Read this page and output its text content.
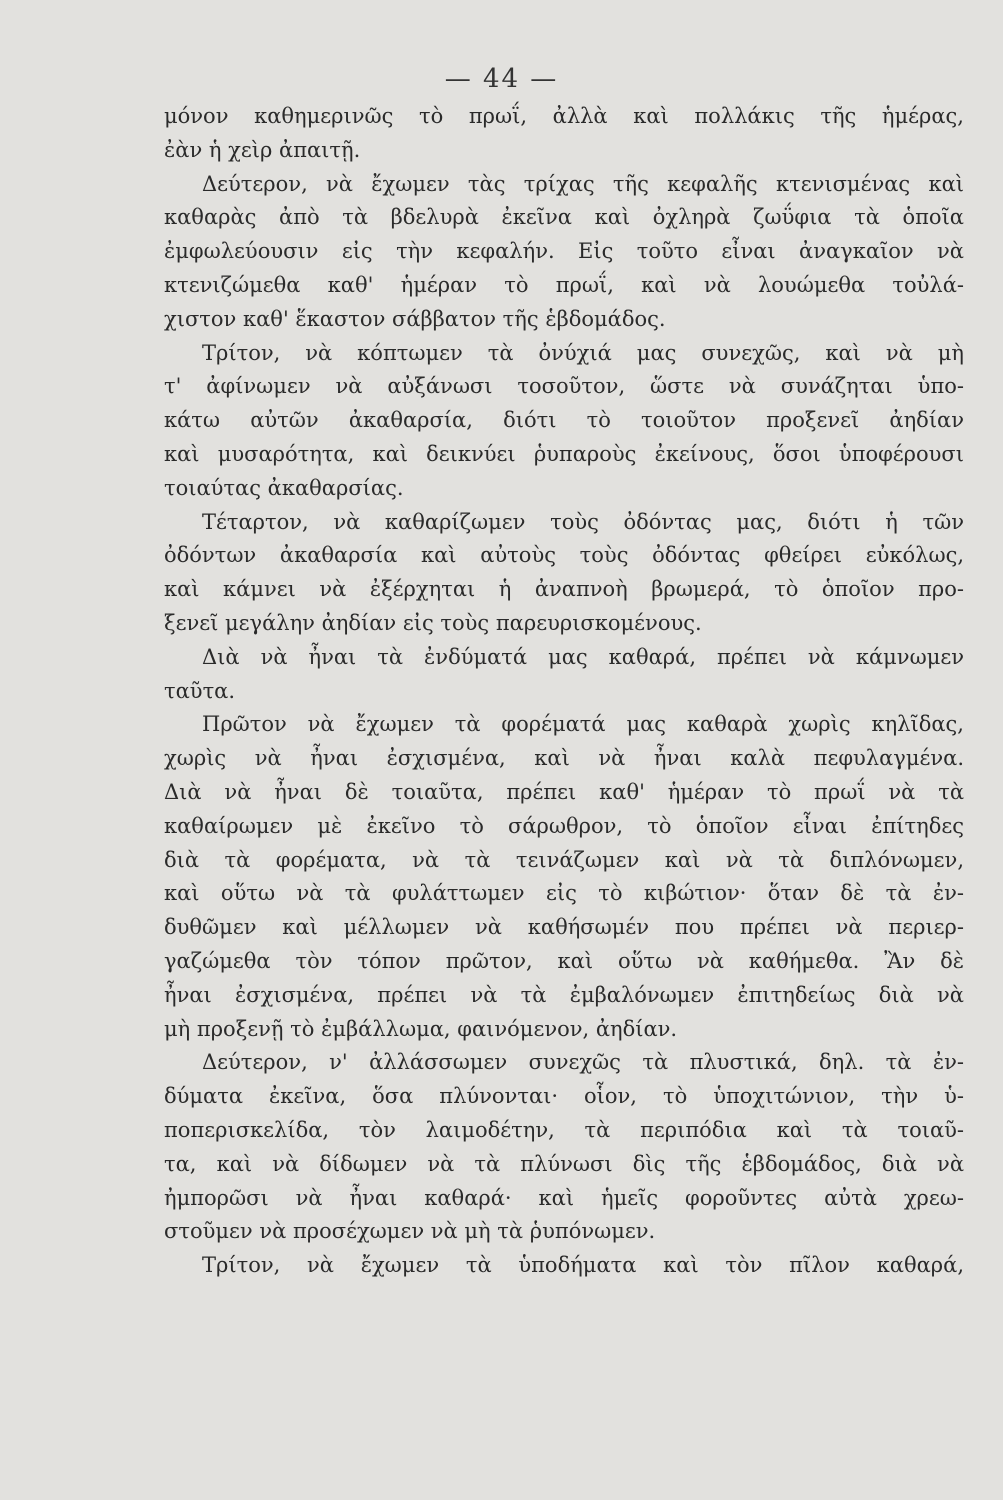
— 44 —
μόνον καθημερινῶς τὸ πρωΐ, ἀλλὰ καὶ πολλάκις τῆς ἡμέρας,
ἐὰν ἡ χεὶρ ἀπαιτῇ.
Δεύτερον, νὰ ἔχωμεν τὰς τρίχας τῆς κεφαλῆς κτενισμένας καὶ
καθαρὰς ἀπὸ τὰ βδελυρὰ ἐκεῖνα καὶ ὀχληρὰ ζωΰφια τὰ ὁποῖα
ἐμφωλεύουσιν εἰς τὴν κεφαλήν. Εἰς τοῦτο εἶναι ἀναγκαῖον νὰ
κτενιζώμεθα καθ' ἡμέραν τὸ πρωΐ, καὶ νὰ λουώμεθα τοὐλά-
χιστον καθ' ἕκαστον σάββατον τῆς ἑβδομάδος.
Τρίτον, νὰ κόπτωμεν τὰ ὀνύχιά μας συνεχῶς, καὶ νὰ μὴ
τ' ἀφίνωμεν νὰ αὐξάνωσι τοσοῦτον, ὥστε νὰ συνάζηται ὑπο-
κάτω αὐτῶν ἀκαθαρσία, διότι τὸ τοιοῦτον προξενεῖ ἀηδίαν
καὶ μυσαρότητα, καὶ δεικνύει ῥυπαροὺς ἐκείνους, ὅσοι ὑποφέρουσι
τοιαύτας ἀκαθαρσίας.
Τέταρτον, νὰ καθαρίζωμεν τοὺς ὀδόντας μας, διότι ἡ τῶν
ὀδόντων ἀκαθαρσία καὶ αὐτοὺς τοὺς ὀδόντας φθείρει εὐκόλως,
καὶ κάμνει νὰ ἐξέρχηται ἡ ἀναπνοὴ βρωμερά, τὸ ὁποῖον προ-
ξενεῖ μεγάλην ἀηδίαν εἰς τοὺς παρευρισκομένους.
Διὰ νὰ ἦναι τὰ ἐνδύματά μας καθαρά, πρέπει νὰ κάμνωμεν
ταῦτα.
Πρῶτον νὰ ἔχωμεν τὰ φορέματά μας καθαρὰ χωρὶς κηλῖδας,
χωρὶς νὰ ἦναι ἐσχισμένα, καὶ νὰ ἦναι καλὰ πεφυλαγμένα.
Διὰ νὰ ἦναι δὲ τοιαῦτα, πρέπει καθ' ἡμέραν τὸ πρωΐ νὰ τὰ
καθαίρωμεν μὲ ἐκεῖνο τὸ σάρωθρον, τὸ ὁποῖον εἶναι ἐπίτηδες
διὰ τὰ φορέματα, νὰ τὰ τεινάζωμεν καὶ νὰ τὰ διπλόνωμεν,
καὶ οὕτω νὰ τὰ φυλάττωμεν εἰς τὸ κιβώτιον· ὅταν δὲ τὰ ἐν-
δυθῶμεν καὶ μέλλωμεν νὰ καθήσωμέν που πρέπει νὰ περιερ-
γαζώμεθα τὸν τόπον πρῶτον, καὶ οὕτω νὰ καθήμεθα. Ἂν δὲ
ἦναι ἐσχισμένα, πρέπει νὰ τὰ ἐμβαλόνωμεν ἐπιτηδείως διὰ νὰ
μὴ προξενῇ τὸ ἐμβάλλωμα, φαινόμενον, ἀηδίαν.
Δεύτερον, ν' ἀλλάσσωμεν συνεχῶς τὰ πλυστικά, δηλ. τὰ ἐν-
δύματα ἐκεῖνα, ὅσα πλύνονται· οἷον, τὸ ὑποχιτώνιον, τὴν ὑ-
ποπερισκελίδα, τὸν λαιμοδέτην, τὰ περιπόδια καὶ τὰ τοιαῦ-
τα, καὶ νὰ δίδωμεν νὰ τὰ πλύνωσι δὶς τῆς ἑβδομάδος, διὰ νὰ
ἠμπορῶσι νὰ ἦναι καθαρά· καὶ ἡμεῖς φοροῦντες αὐτὰ χρεω-
στοῦμεν νὰ προσέχωμεν νὰ μὴ τὰ ῥυπόνωμεν.
Τρίτον, νὰ ἔχωμεν τὰ ὑποδήματα καὶ τὸν πῖλον καθαρά,
